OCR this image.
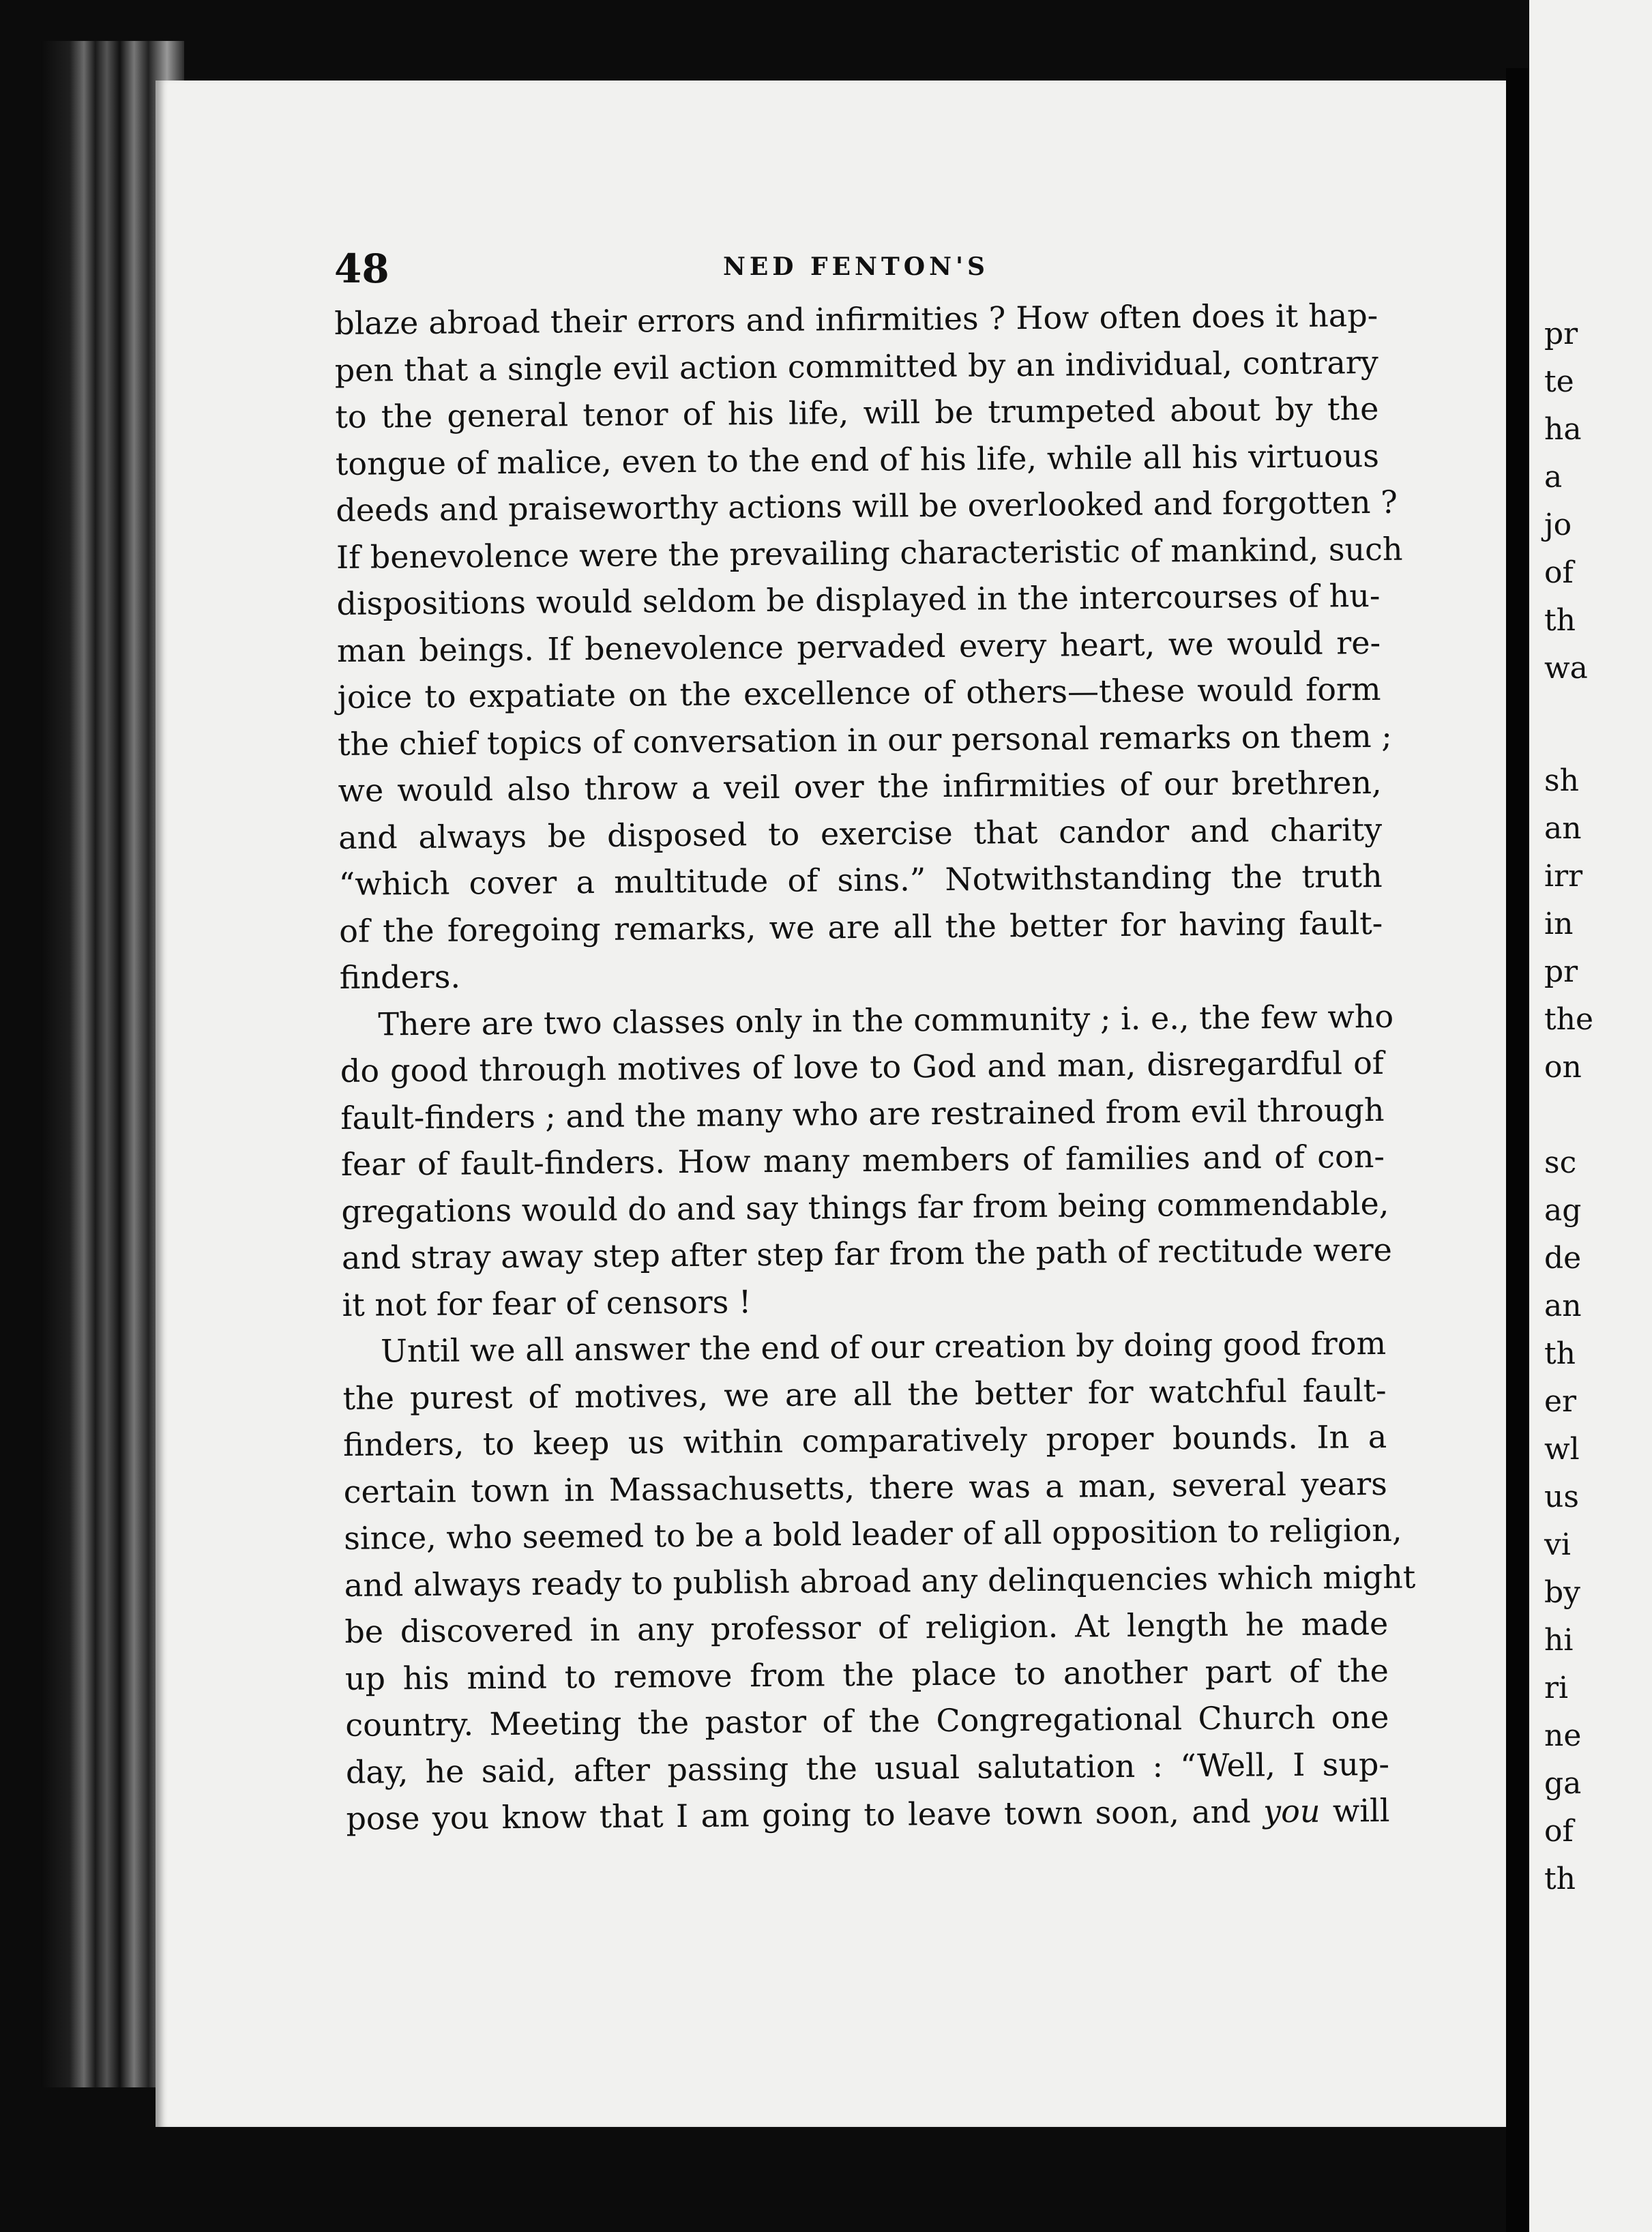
48	NED FENTON'S
blaze abroad their errors and infirmities ? How often does it hap-
pen that a single evil action committed by an individual, contrary
to the general tenor of his life, will be trumpeted about by the
tongue of malice, even to the end of his life, while all his virtuous
deeds and praiseworthy actions will be overlooked and forgotten ?
If benevolence were the prevailing characteristic of mankind, such
dispositions would seldom be displayed in the intercourses of hu-
man beings. If benevolence pervaded every heart, we would re-
joice to expatiate on the excellence of others—these would form
the chief topics of conversation in our personal remarks on them ;
we would also throw a veil over the infirmities of our brethren,
and always be disposed to exercise that candor and charity
“which cover a multitude of sins.” Notwithstanding the truth
of the foregoing remarks, we are all the better for having fault-
finders.
There are two classes only in the community ; i. e., the few who
do good through motives of love to God and man, disregardful of
fault-finders ; and the many who are restrained from evil through
fear of fault-finders. How many members of families and of con-
gregations would do and say things far from being commendable,
and stray away step after step far from the path of rectitude were
it not for fear of censors !
Until we all answer the end of our creation by doing good from
the purest of motives, we are all the better for watchful fault-
finders, to keep us within comparatively proper bounds. In a
certain town in Massachusetts, there was a man, several years
since, who seemed to be a bold leader of all opposition to religion,
and always ready to publish abroad any delinquencies which might
be discovered in any professor of religion. At length he made
up his mind to remove from the place to another part of the
country. Meeting the pastor of the Congregational Church one
day, he said, after passing the usual salutation : “Well, I sup-
pose you know that I am going to leave town soon, and you will
pr
te
ha
a
jo
of
th
wa
sh
an
irr
in
pr
the
on
sc
ag
de
an
th
er
wl
us
vi
by
hi
ri
ne
ga
of
th
